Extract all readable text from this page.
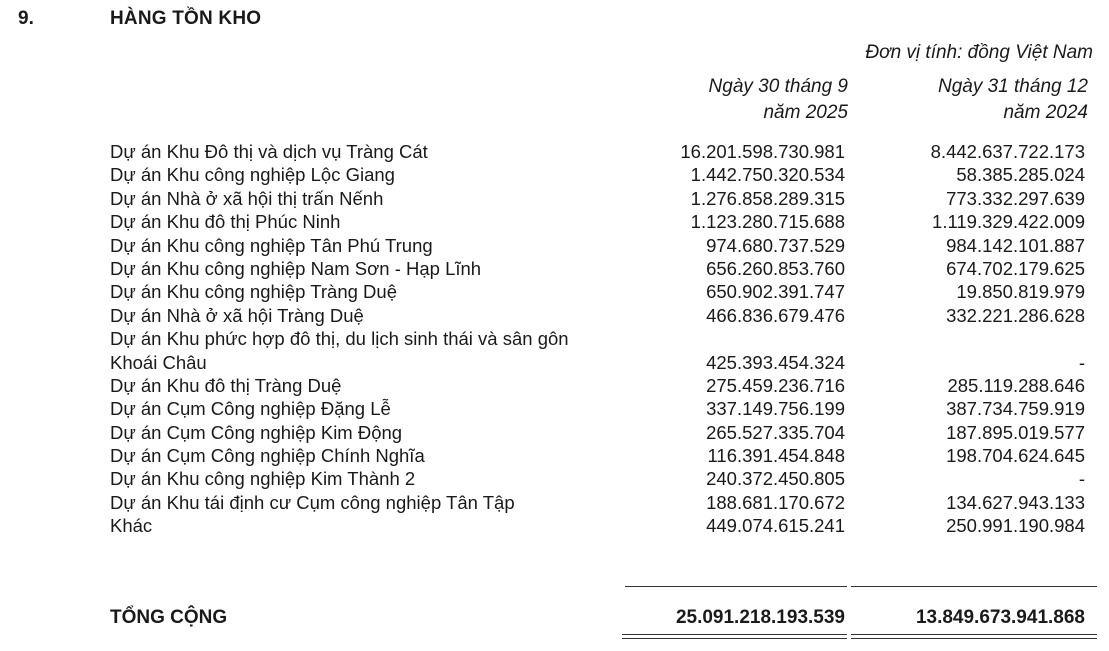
9.	HÀNG TỒN KHO
Đơn vị tính: đồng Việt Nam
Ngày 30 tháng 9
năm 2025
Ngày 31 tháng 12
năm 2024
Dự án Khu Đô thị và dịch vụ Tràng Cát	16.201.598.730.981	8.442.637.722.173
Dự án Khu công nghiệp Lộc Giang	1.442.750.320.534	58.385.285.024
Dự án Nhà ở xã hội thị trấn Nếnh	1.276.858.289.315	773.332.297.639
Dự án Khu đô thị Phúc Ninh	1.123.280.715.688	1.119.329.422.009
Dự án Khu công nghiệp Tân Phú Trung	974.680.737.529	984.142.101.887
Dự án Khu công nghiệp Nam Sơn - Hạp Lĩnh	656.260.853.760	674.702.179.625
Dự án Khu công nghiệp Tràng Duệ	650.902.391.747	19.850.819.979
Dự án Nhà ở xã hội Tràng Duệ	466.836.679.476	332.221.286.628
Dự án Khu phức hợp đô thị, du lịch sinh thái và sân gôn Khoái Châu	425.393.454.324	-
Dự án Khu đô thị Tràng Duệ	275.459.236.716	285.119.288.646
Dự án Cụm Công nghiệp Đặng Lễ	337.149.756.199	387.734.759.919
Dự án Cụm Công nghiệp Kim Động	265.527.335.704	187.895.019.577
Dự án Cụm Công nghiệp Chính Nghĩa	116.391.454.848	198.704.624.645
Dự án Khu công nghiệp Kim Thành 2	240.372.450.805	-
Dự án Khu tái định cư Cụm công nghiệp Tân Tập	188.681.170.672	134.627.943.133
Khác	449.074.615.241	250.991.190.984
TỔNG CỘNG	25.091.218.193.539	13.849.673.941.868
